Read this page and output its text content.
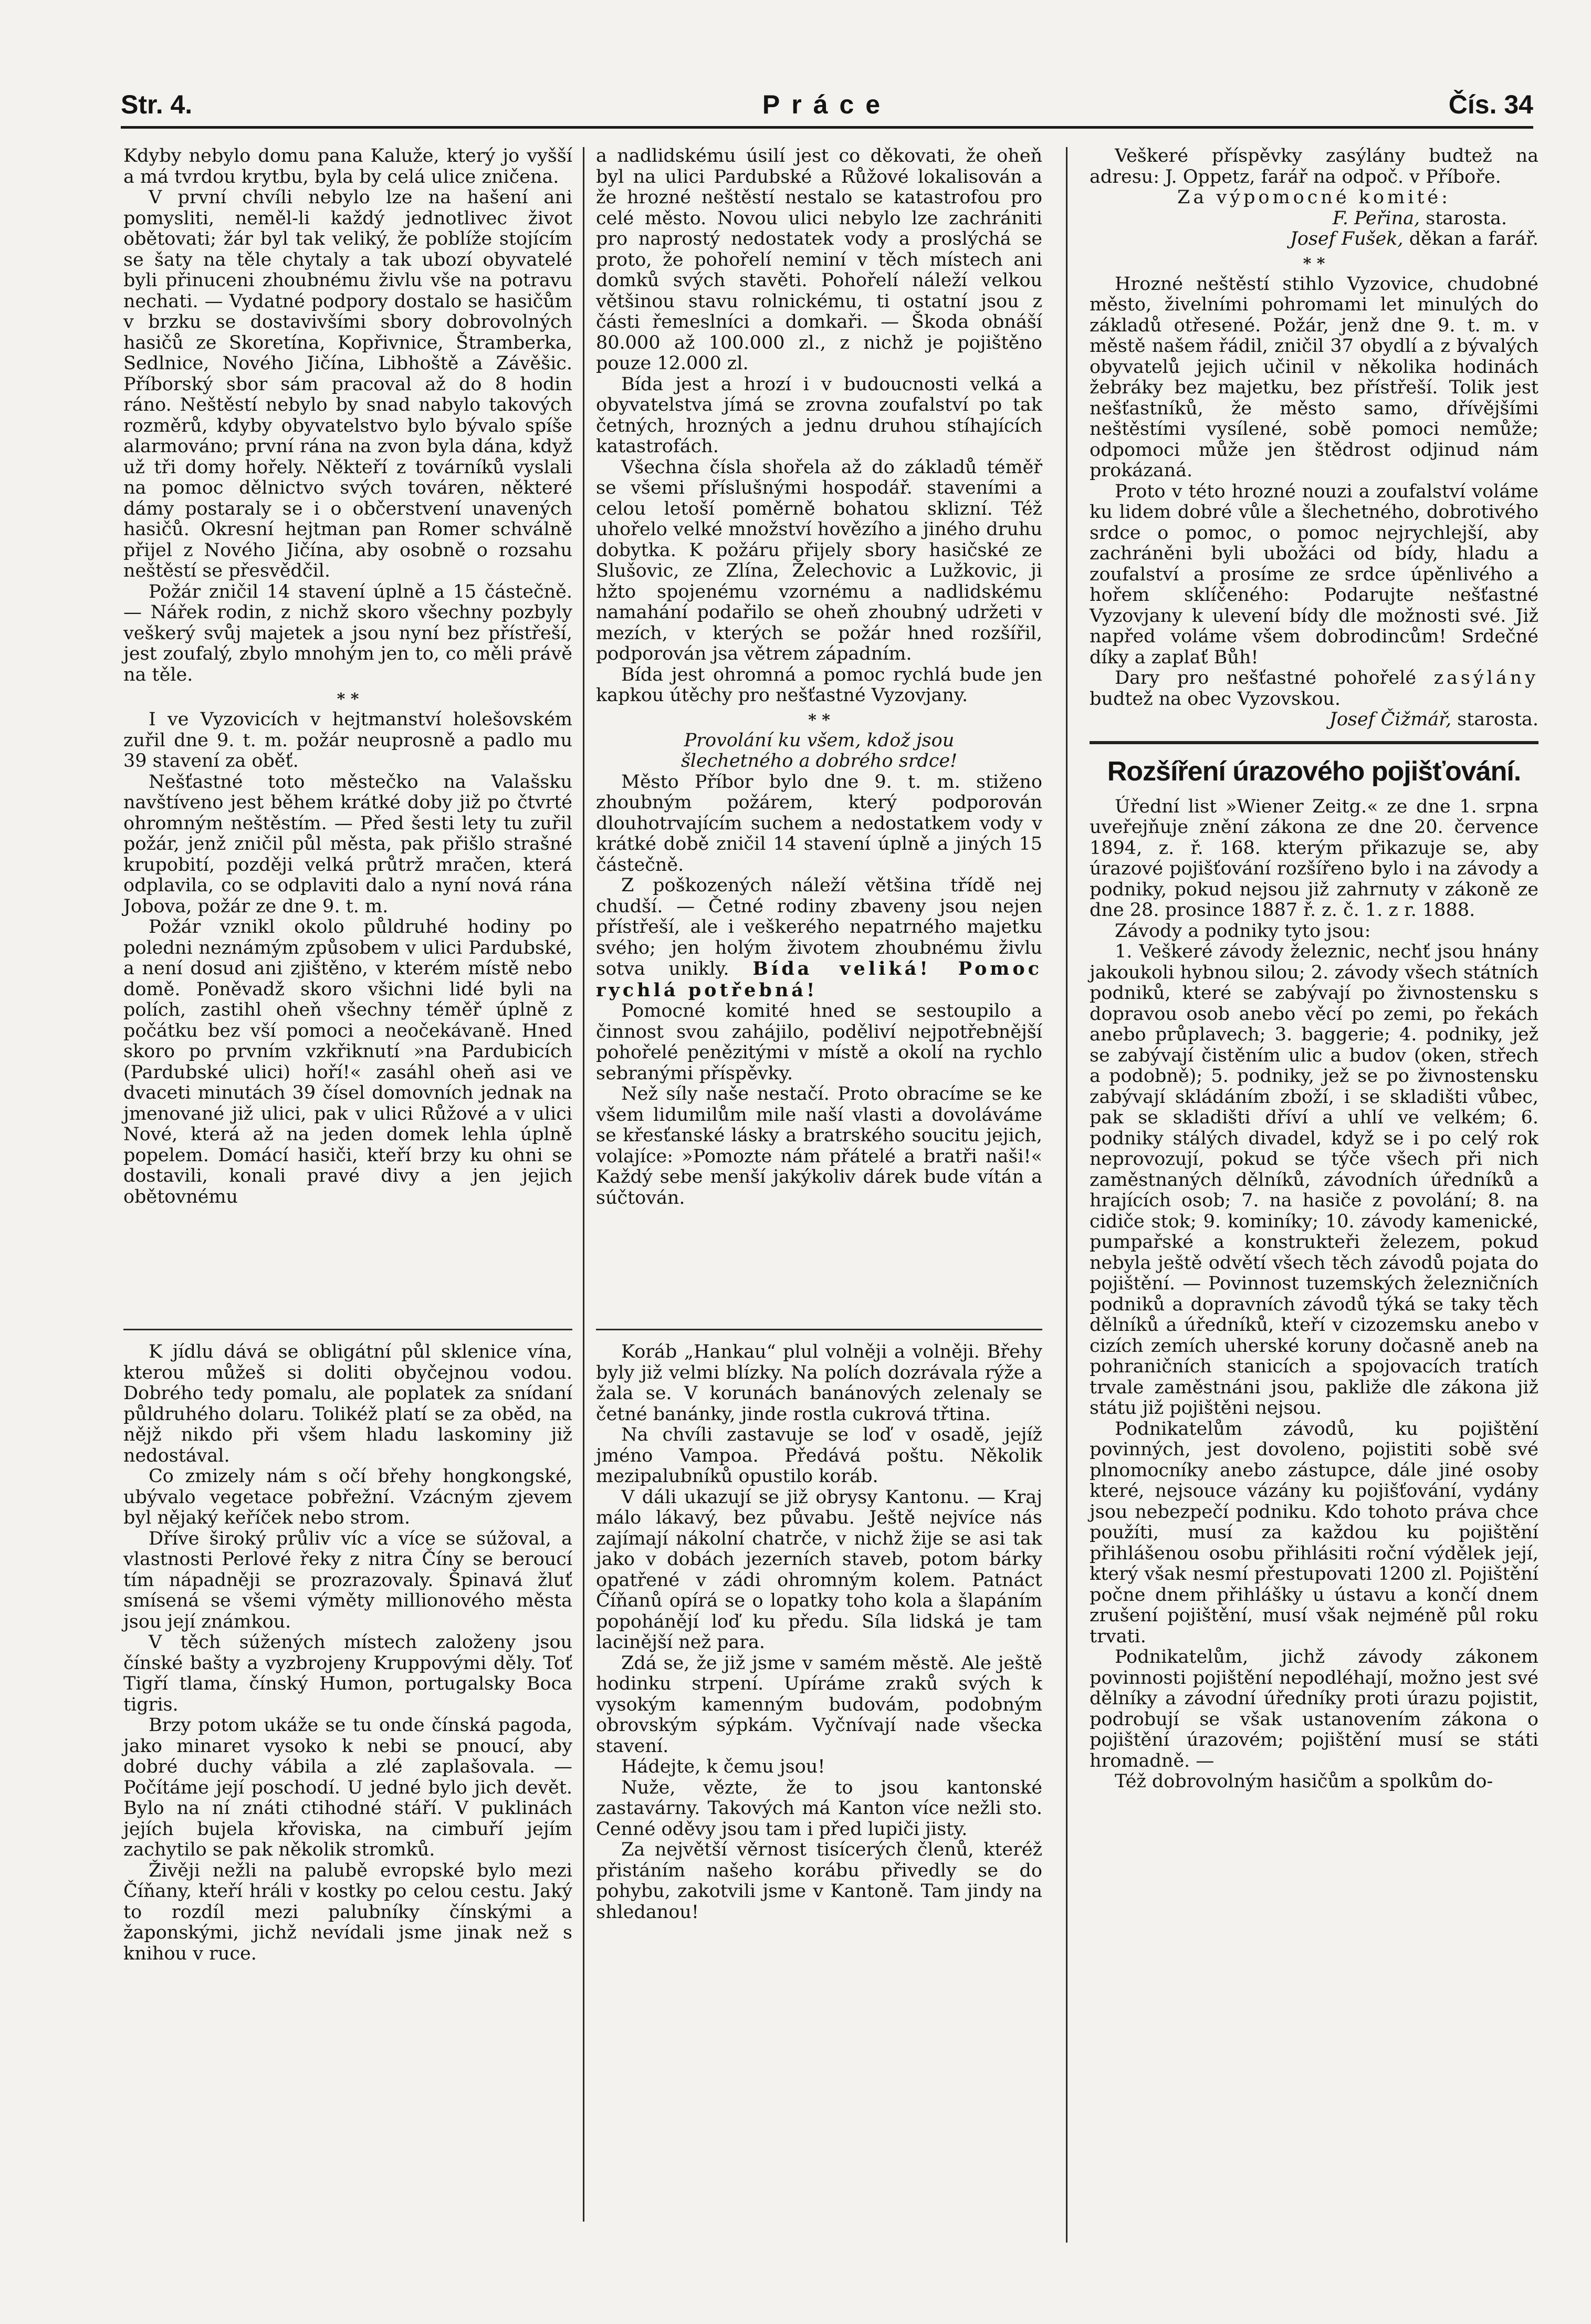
Str. 4.	Práce	Čís. 34

Kdyby nebylo domu pana Kaluže, který jo vyšší a má tvrdou krytbu, byla by celá ulice zničena.

V první chvíli nebylo lze na hašení ani pomysliti, neměl-li každý jednotlivec život obětovati; žár byl tak veliký, že poblíže stojícím se šaty na těle chytaly a tak ubozí obyvatelé byli přinuceni zhoubnému živlu vše na potravu nechati. — Vydatné podpory dostalo se hasičům v brzku se dostavivšími sbory dobrovolných hasičů ze Skoretína, Kopřivnice, Štramberka, Sedlnice, Nového Jičína, Libhoště a Závěšic. Příborský sbor sám pracoval až do 8 hodin ráno. Neštěstí nebylo by snad nabylo takových rozměrů, kdyby obyvatelstvo bylo bývalo spíše alarmováno; první rána na zvon byla dána, když už tři domy hořely. Někteří z továrníků vyslali na pomoc dělnictvo svých továren, některé dámy postaraly se i o občerstvení unavených hasičů. Okresní hejtman pan Romer schválně přijel z Nového Jičína, aby osobně o rozsahu neštěstí se přesvědčil.

Požár zničil 14 stavení úplně a 15 částečně. — Nářek rodin, z nichž skoro všechny pozbyly veškerý svůj majetek a jsou nyní bez přístřeší, jest zoufalý, zbylo mnohým jen to, co měli právě na těle.

* *

I ve Vyzovicích v hejtmanství holešovském zuřil dne 9. t. m. požár neuprosně a padlo mu 39 stavení za oběť.

Nešťastné toto městečko na Valašsku navštíveno jest během krátké doby již po čtvrté ohromným neštěstím. — Před šesti lety tu zuřil požár, jenž zničil půl města, pak přišlo strašné krupobití, později velká průtrž mračen, která odplavila, co se odplaviti dalo a nyní nová rána Jobova, požár ze dne 9. t. m.

Požár vznikl okolo půldruhé hodiny po poledni neznámým způsobem v ulici Pardubské, a není dosud ani zjištěno, v kterém místě nebo domě. Poněvadž skoro všichni lidé byli na polích, zastihl oheň všechny téměř úplně z počátku bez vší pomoci a neočekávaně. Hned skoro po prvním vzkřiknutí »na Pardubicích (Pardubské ulici) hoří!« zasáhl oheň asi ve dvaceti minutách 39 čísel domovních jednak na jmenované již ulici, pak v ulici Růžové a v ulici Nové, která až na jeden domek lehla úplně popelem. Domácí hasiči, kteří brzy ku ohni se dostavili, konali pravé divy a jen jejich obětovnému

K jídlu dává se obligátní půl sklenice vína, kterou můžeš si doliti obyčejnou vodou. Dobrého tedy pomalu, ale poplatek za snídaní půldruhého dolaru. Tolikéž platí se za oběd, na nějž nikdo při všem hladu laskominy již nedostával.

Co zmizely nám s očí břehy hongkongské, ubývalo vegetace pobřežní. Vzácným zjevem byl nějaký keříček nebo strom.

Dříve široký průliv víc a více se súžoval, a vlastnosti Perlové řeky z nitra Číny se beroucí tím nápadněji se prozrazovaly. Špinavá žluť smísená se všemi výměty millionového města jsou její známkou.

V těch súžených místech založeny jsou čínské bašty a vyzbrojeny Kruppovými děly. Toť Tigří tlama, čínský Humon, portugalsky Boca tigris.

Brzy potom ukáže se tu onde čínská pagoda, jako minaret vysoko k nebi se pnoucí, aby dobré duchy vábila a zlé zaplašovala. — Počítáme její poschodí. U jedné bylo jich devět. Bylo na ní znáti ctihodné stáří. V puklinách jejích bujela křoviska, na cimbuří jejím zachytilo se pak několik stromků.

Živěji nežli na palubě evropské bylo mezi Číňany, kteří hráli v kostky po celou cestu. Jaký to rozdíl mezi palubníky čínskými a žaponskými, jichž nevídali jsme jinak než s knihou v ruce.

a nadlidskému úsilí jest co děkovati, že oheň byl na ulici Pardubské a Růžové lokalisován a že hrozné neštěstí nestalo se katastrofou pro celé město. Novou ulici nebylo lze zachrániti pro naprostý nedostatek vody a proslýchá se proto, že pohořelí neminí v těch místech ani domků svých stavěti. Pohořelí náleží velkou většinou stavu rolnickému, ti ostatní jsou z části řemeslníci a domkaři. — Škoda obnáší 80.000 až 100.000 zl., z nichž je pojištěno pouze 12.000 zl.

Bída jest a hrozí i v budoucnosti velká a obyvatelstva jímá se zrovna zoufalství po tak četných, hrozných a jednu druhou stíhajících katastrofách.

Všechna čísla shořela až do základů téměř se všemi příslušnými hospodář. staveními a celou letoší poměrně bohatou sklizní. Též uhořelo velké množství hovězího a jiného druhu dobytka. K požáru přijely sbory hasičské ze Slušovic, ze Zlína, Želechovic a Lužkovic, ji hžto spojenému vzornému a nadlidskému namahání podařilo se oheň zhoubný udržeti v mezích, v kterých se požár hned rozšířil, podporován jsa větrem západním.

Bída jest ohromná a pomoc rychlá bude jen kapkou útěchy pro nešťastné Vyzovjany.

* *

Provolání ku všem, kdož jsou šlechetného a dobrého srdce!

Město Příbor bylo dne 9. t. m. stiženo zhoubným požárem, který podporován dlouhotrvajícím suchem a nedostatkem vody v krátké době zničil 14 stavení úplně a jiných 15 částečně.

Z poškozených náleží většina třídě nej chudší. — Četné rodiny zbaveny jsou nejen přístřeší, ale i veškerého nepatrného majetku svého; jen holým životem zhoubnému živlu sotva unikly. Bída veliká! Pomoc rychlá potřebná!

Pomocné komité hned se sestoupilo a činnost svou zahájilo, poděliví nejpotřebnější pohořelé penězitými v místě a okolí na rychlo sebranými příspěvky.

Než síly naše nestačí. Proto obracíme se ke všem lidumilům mile naší vlasti a dovoláváme se křesťanské lásky a bratrského soucitu jejich, volajíce: »Pomozte nám přátelé a bratři naši!« Každý sebe menší jakýkoliv dárek bude vítán a súčtován.

Koráb „Hankau“ plul volněji a volněji. Břehy byly již velmi blízky. Na polích dozrávala rýže a žala se. V korunách banánových zelenaly se četné banánky, jinde rostla cukrová třtina.

Na chvíli zastavuje se loď v osadě, jejíž jméno Vampoa. Předává poštu. Několik mezipalubníků opustilo koráb.

V dáli ukazují se již obrysy Kantonu. — Kraj málo lákavý, bez půvabu. Ještě nejvíce nás zajímají nákolní chatrče, v nichž žije se asi tak jako v dobách jezerních staveb, potom bárky opatřené v zádi ohromným kolem. Patnáct Číňanů opírá se o lopatky toho kola a šlapáním popohánějí loď ku předu. Síla lidská je tam lacinější než para.

Zdá se, že již jsme v samém městě. Ale ještě hodinku strpení. Upíráme zraků svých k vysokým kamenným budovám, podobným obrovským sýpkám. Vyčnívají nade všecka stavení.

Hádejte, k čemu jsou!

Nuže, vězte, že to jsou kantonské zastavárny. Takových má Kanton více nežli sto. Cenné oděvy jsou tam i před lupiči jisty.

Za největší věrnost tisícerých členů, kteréž přistáním našeho korábu přivedly se do pohybu, zakotvili jsme v Kantoně. Tam jindy na shledanou!

Veškeré příspěvky zasýlány budtež na adresu: J. Oppetz, farář na odpoč. v Příboře.

Za výpomocné komité:

F. Peřina, starosta.

Josef Fušek, děkan a farář.

* *

Hrozné neštěstí stihlo Vyzovice, chudobné město, živelními pohromami let minulých do základů otřesené. Požár, jenž dne 9. t. m. v městě našem řádil, zničil 37 obydlí a z bývalých obyvatelů jejich učinil v několika hodinách žebráky bez majetku, bez přístřeší. Tolik jest nešťastníků, že město samo, dřívějšími neštěstími vysílené, sobě pomoci nemůže; odpomoci může jen štědrost odjinud nám prokázaná.

Proto v této hrozné nouzi a zoufalství voláme ku lidem dobré vůle a šlechetného, dobrotivého srdce o pomoc, o pomoc nejrychlejší, aby zachráněni byli ubožáci od bídy, hladu a zoufalství a prosíme ze srdce úpěnlivého a hořem sklíčeného: Podarujte nešťastné Vyzovjany k ulevení bídy dle možnosti své. Již napřed voláme všem dobrodincům! Srdečné díky a zaplať Bůh!

Dary pro nešťastné pohořelé zasýlány budtež na obec Vyzovskou.

Josef Čižmář, starosta.

Rozšíření úrazového pojišťování.

Úřední list »Wiener Zeitg.« ze dne 1. srpna uveřejňuje znění zákona ze dne 20. července 1894, z. ř. 168. kterým přikazuje se, aby úrazové pojišťování rozšířeno bylo i na závody a podniky, pokud nejsou již zahrnuty v zákoně ze dne 28. prosince 1887 ř. z. č. 1. z r. 1888.

Závody a podniky tyto jsou:

1. Veškeré závody železnic, nechť jsou hnány jakoukoli hybnou silou; 2. závody všech státních podniků, které se zabývají po živnostensku s dopravou osob anebo věcí po zemi, po řekách anebo průplavech; 3. baggerie; 4. podniky, jež se zabývají čistěním ulic a budov (oken, střech a podobně); 5. podniky, jež se po živnostensku zabývají skládáním zboží, i se skladišti vůbec, pak se skladišti dříví a uhlí ve velkém; 6. podniky stálých divadel, když se i po celý rok neprovozují, pokud se týče všech při nich zaměstnaných dělníků, závodních úředníků a hrajících osob; 7. na hasiče z povolání; 8. na cidiče stok; 9. kominíky; 10. závody kamenické, pumpařské a konstrukteři železem, pokud nebyla ještě odvětí všech těch závodů pojata do pojištění. — Povinnost tuzemských železničních podniků a dopravních závodů týká se taky těch dělníků a úředníků, kteří v cizozemsku anebo v cizích zemích uherské koruny dočasně aneb na pohraničních stanicích a spojovacích tratích trvale zaměstnáni jsou, pakliže dle zákona již státu již pojištěni nejsou.

Podnikatelům závodů, ku pojištění povinných, jest dovoleno, pojistiti sobě své plnomocníky anebo zástupce, dále jiné osoby které, nejsouce vázány ku pojišťování, vydány jsou nebezpečí podniku. Kdo tohoto práva chce použíti, musí za každou ku pojištění přihlášenou osobu přihlásiti roční výdělek její, který však nesmí přestupovati 1200 zl. Pojištění počne dnem přihlášky u ústavu a končí dnem zrušení pojištění, musí však nejméně půl roku trvati.

Podnikatelům, jichž závody zákonem povinnosti pojištění nepodléhají, možno jest své dělníky a závodní úředníky proti úrazu pojistit, podrobují se však ustanovením zákona o pojištění úrazovém; pojištění musí se státi hromadně. —

Též dobrovolným hasičům a spolkům do-
